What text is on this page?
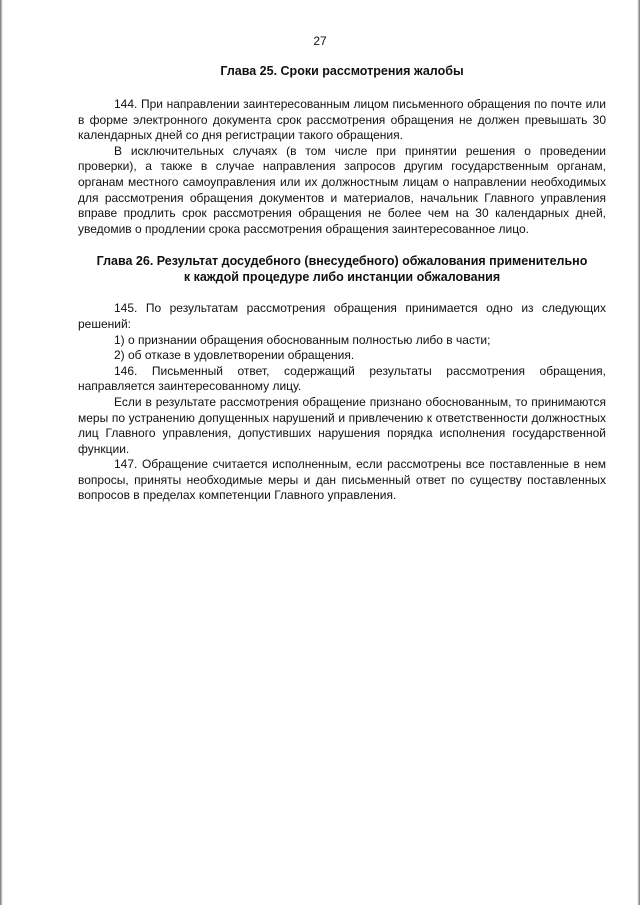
27
Глава 25. Сроки рассмотрения жалобы

144. При направлении заинтересованным лицом письменного обращения по почте или в форме электронного документа срок рассмотрения обращения не должен превышать 30 календарных дней со дня регистрации такого обращения.

В исключительных случаях (в том числе при принятии решения о проведении проверки), а также в случае направления запросов другим государственным органам, органам местного самоуправления или их должностным лицам о направлении необходимых для рассмотрения обращения документов и материалов, начальник Главного управления вправе продлить срок рассмотрения обращения не более чем на 30 календарных дней, уведомив о продлении срока рассмотрения обращения заинтересованное лицо.

Глава 26. Результат досудебного (внесудебного) обжалования применительно
к каждой процедуре либо инстанции обжалования

145. По результатам рассмотрения обращения принимается одно из следующих решений:

1) о признании обращения обоснованным полностью либо в части;

2) об отказе в удовлетворении обращения.

146. Письменный ответ, содержащий результаты рассмотрения обращения, направляется заинтересованному лицу.

Если в результате рассмотрения обращение признано обоснованным, то принимаются меры по устранению допущенных нарушений и привлечению к ответственности должностных лиц Главного управления, допустивших нарушения порядка исполнения государственной функции.

147. Обращение считается исполненным, если рассмотрены все поставленные в нем вопросы, приняты необходимые меры и дан письменный ответ по существу поставленных вопросов в пределах компетенции Главного управления.
